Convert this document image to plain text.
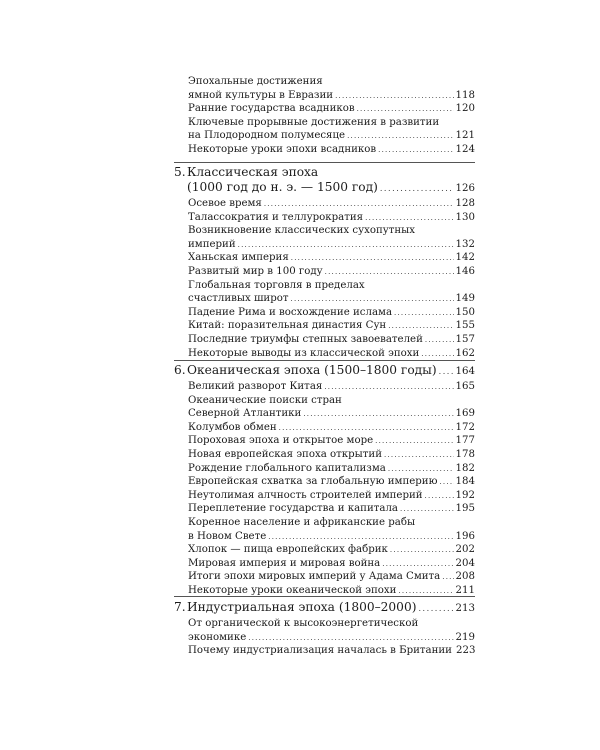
Эпохальные достижения
ямной культуры в Евразии . . .	118
Ранние государства всадников . . .	120
Ключевые прорывные достижения в развитии
на Плодородном полумесяце . . .	121
Некоторые уроки эпохи всадников . . .	124
5. Классическая эпоха
(1000 год до н. э. — 1500 год) . . .	126
Осевое время . . .	128
Талассократия и теллурократия . . .	130
Возникновение классических сухопутных
империй . . .	132
Ханьская империя . . .	142
Развитый мир в 100 году . . .	146
Глобальная торговля в пределах
счастливых широт . . .	149
Падение Рима и восхождение ислама . . .	150
Китай: поразительная династия Сун . . .	155
Последние триумфы степных завоевателей . . .	157
Некоторые выводы из классической эпохи . . .	162
6. Океаническая эпоха (1500–1800 годы) . . . 164
Великий разворот Китая . . .	165
Океанические поиски стран
Северной Атлантики . . .	169
Колумбов обмен . . .	172
Пороховая эпоха и открытое море . . .	177
Новая европейская эпоха открытий . . .	178
Рождение глобального капитализма . . .	182
Европейская схватка за глобальную империю . . . 184
Неутолимая алчность строителей империй . . .	192
Переплетение государства и капитала . . .	195
Коренное население и африканские рабы
в Новом Свете . . .	196
Хлопок — пища европейских фабрик . . .	202
Мировая империя и мировая война . . .	204
Итоги эпохи мировых империй у Адама Смита . . . 208
Некоторые уроки океанической эпохи . . .	211
7. Индустриальная эпоха (1800–2000) . . .	213
От органической к высокоэнергетической
экономике . . .	219
Почему индустриализация началась в Британии 223
